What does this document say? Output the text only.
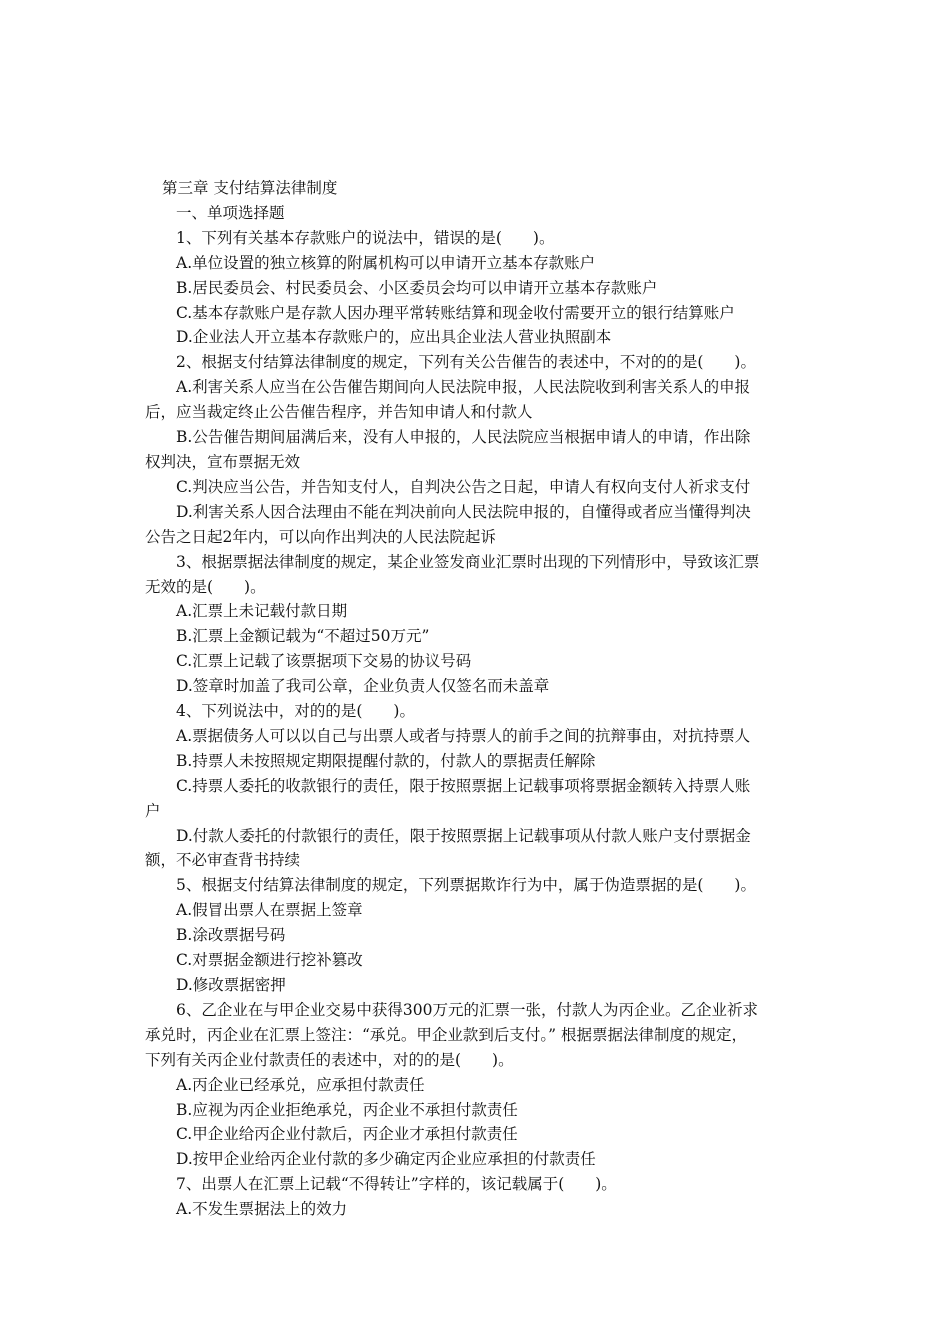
第三章 支付结算法律制度
一、单项选择题
1、下列有关基本存款账户的说法中，错误的是(　　)。
A.单位设置的独立核算的附属机构可以申请开立基本存款账户
B.居民委员会、村民委员会、小区委员会均可以申请开立基本存款账户
C.基本存款账户是存款人因办理平常转账结算和现金收付需要开立的银行结算账户
D.企业法人开立基本存款账户的，应出具企业法人营业执照副本
2、根据支付结算法律制度的规定，下列有关公告催告的表述中，不对的的是(　　)。
A.利害关系人应当在公告催告期间向人民法院申报，人民法院收到利害关系人的申报
后，应当裁定终止公告催告程序，并告知申请人和付款人
B.公告催告期间届满后来，没有人申报的，人民法院应当根据申请人的申请，作出除
权判决，宣布票据无效
C.判决应当公告，并告知支付人，自判决公告之日起，申请人有权向支付人祈求支付
D.利害关系人因合法理由不能在判决前向人民法院申报的，自懂得或者应当懂得判决
公告之日起2年内，可以向作出判决的人民法院起诉
3、根据票据法律制度的规定，某企业签发商业汇票时出现的下列情形中，导致该汇票
无效的是(　　)。
A.汇票上未记载付款日期
B.汇票上金额记载为“不超过50万元”
C.汇票上记载了该票据项下交易的协议号码
D.签章时加盖了我司公章，企业负责人仅签名而未盖章
4、下列说法中，对的的是(　　)。
A.票据债务人可以以自己与出票人或者与持票人的前手之间的抗辩事由，对抗持票人
B.持票人未按照规定期限提醒付款的，付款人的票据责任解除
C.持票人委托的收款银行的责任，限于按照票据上记载事项将票据金额转入持票人账
户
D.付款人委托的付款银行的责任，限于按照票据上记载事项从付款人账户支付票据金
额，不必审查背书持续
5、根据支付结算法律制度的规定，下列票据欺诈行为中，属于伪造票据的是(　　)。
A.假冒出票人在票据上签章
B.涂改票据号码
C.对票据金额进行挖补篡改
D.修改票据密押
6、乙企业在与甲企业交易中获得300万元的汇票一张，付款人为丙企业。乙企业祈求
承兑时，丙企业在汇票上签注：“承兑。甲企业款到后支付。” 根据票据法律制度的规定，
下列有关丙企业付款责任的表述中，对的的是(　　)。
A.丙企业已经承兑，应承担付款责任
B.应视为丙企业拒绝承兑，丙企业不承担付款责任
C.甲企业给丙企业付款后，丙企业才承担付款责任
D.按甲企业给丙企业付款的多少确定丙企业应承担的付款责任
7、出票人在汇票上记载“不得转让”字样的，该记载属于(　　)。
A.不发生票据法上的效力
